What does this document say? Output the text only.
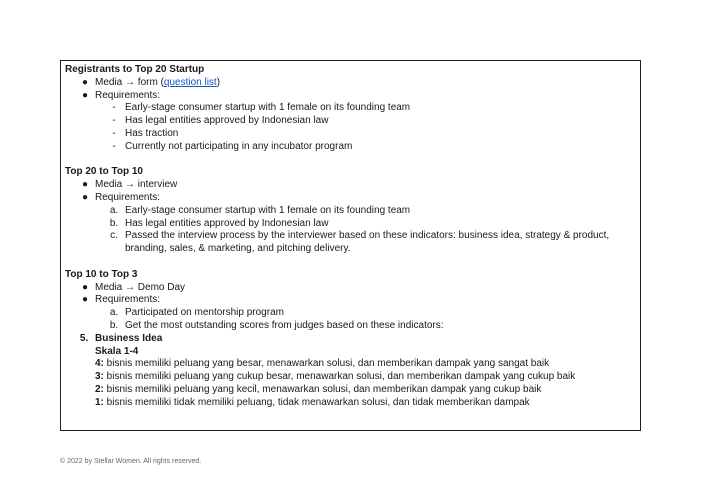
Registrants to Top 20 Startup
● Media → form (question list)
● Requirements:
- Early-stage consumer startup with 1 female on its founding team
- Has legal entities approved by Indonesian law
- Has traction
- Currently not participating in any incubator program
Top 20 to Top 10
● Media → interview
● Requirements:
a. Early-stage consumer startup with 1 female on its founding team
b. Has legal entities approved by Indonesian law
c. Passed the interview process by the interviewer based on these indicators: business idea, strategy & product, branding, sales, & marketing, and pitching delivery.
Top 10 to Top 3
● Media → Demo Day
● Requirements:
a. Participated on mentorship program
b. Get the most outstanding scores from judges based on these indicators:
5. Business Idea
Skala 1-4
4: bisnis memiliki peluang yang besar, menawarkan solusi, dan memberikan dampak yang sangat baik
3: bisnis memiliki peluang yang cukup besar, menawarkan solusi, dan memberikan dampak yang cukup baik
2: bisnis memiliki peluang yang kecil, menawarkan solusi, dan memberikan dampak yang cukup baik
1: bisnis memiliki tidak memiliki peluang, tidak menawarkan solusi, dan tidak memberikan dampak
© 2022 by Stellar Women. All rights reserved.
